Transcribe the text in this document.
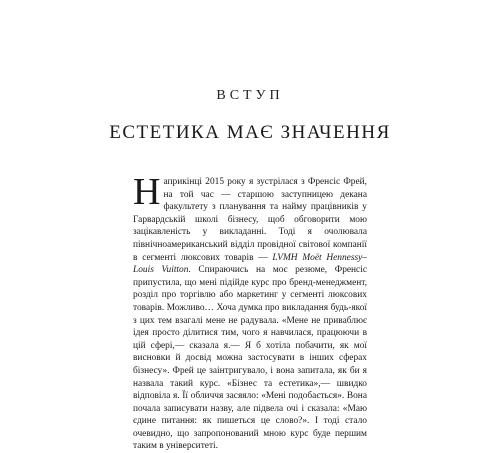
ВСТУП
ЕСТЕТИКА МАЄ ЗНАЧЕННЯ

Наприкінці 2015 року я зустрілася з Френсіс Фрей, на той час — старшою заступницею декана факультету з планування та найму працівників у Гарвардській школі бізнесу, щоб обговорити мою зацікавленість у викладанні. Тоді я очолювала північноамериканський відділ провідної світової компанії в сегменті люксових товарів — LVMH Moët Hennessy–Louis Vuitton. Спираючись на моє резюме, Френсіс припустила, що мені підійде курс про бренд-менеджмент, розділ про торгівлю або маркетинг у сегменті люксових товарів. Можливо… Хоча думка про викладання будь-якої з цих тем взагалі мене не радувала. «Мене не приваблює ідея просто ділитися тим, чого я навчилася, працюючи в цій сфері,— сказала я.— Я б хотіла побачити, як мої висновки й досвід можна застосувати в інших сферах бізнесу». Фрей це заінтригувало, і вона запитала, як би я назвала такий курс. «Бізнес та естетика»,— швидко відповіла я. Її обличчя засяяло: «Мені подобається». Вона почала записувати назву, але підвела очі і сказала: «Маю єдине питання: як пишеться це слово?». І тоді стало очевидно, що запропонований мною курс буде першим таким в університеті.
